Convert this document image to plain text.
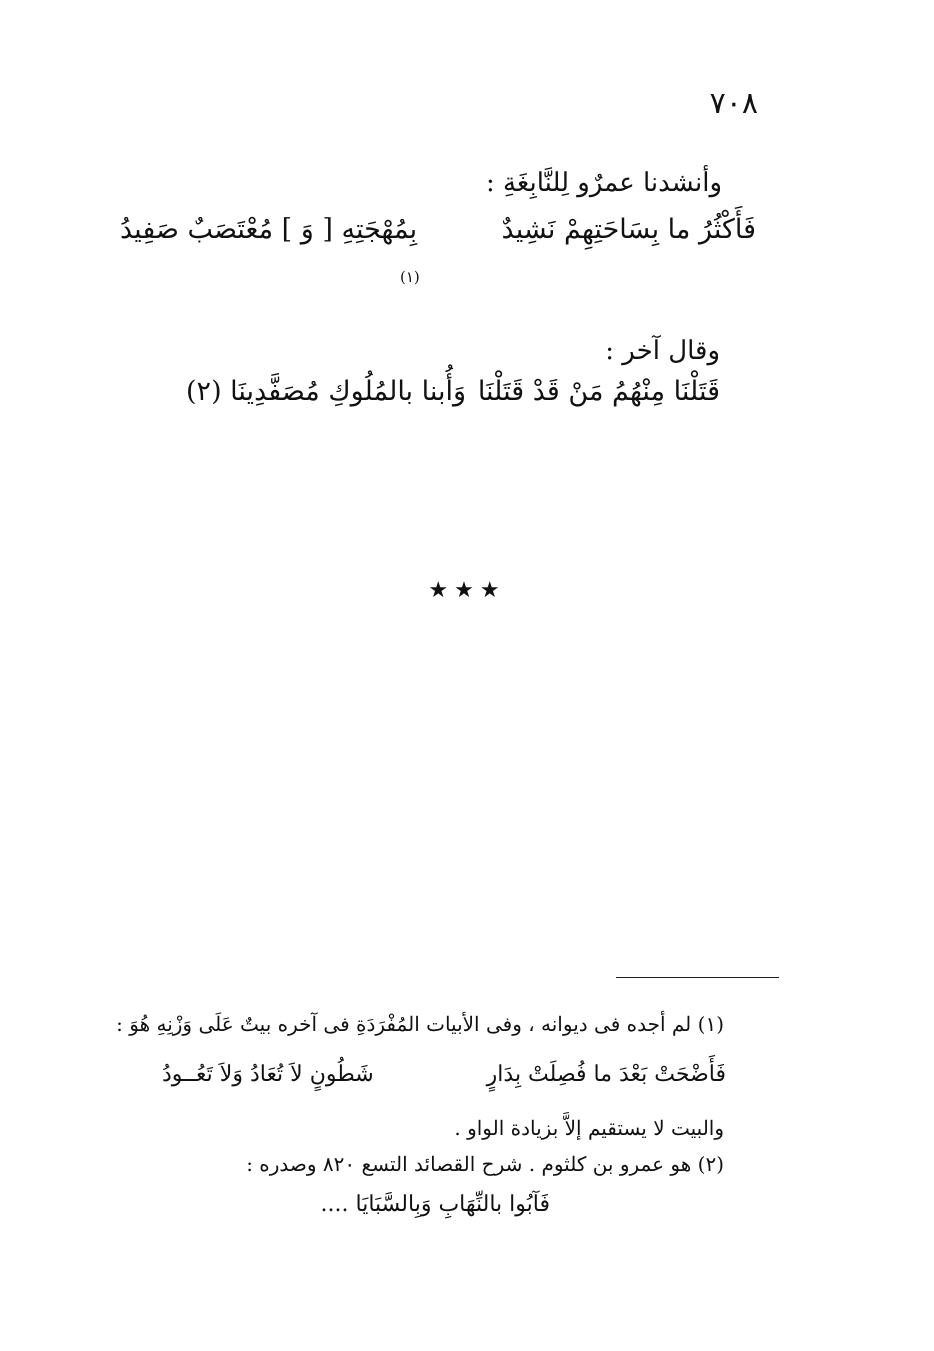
٧٠٨
وأنشدنا عمرٌو لِلنَّابِغَةِ :
فَأَكْثُرُ ما بِسَاحَتِهِمْ نَشِيدٌ
بِمُهْجَتِهِ [ وَ ] مُعْتَصَبٌ صَفِيدُ
(١)
وقال آخر :
قَتَلْنَا مِنْهُمُ مَنْ قَدْ قَتَلْنَا
وَأُبنا بالمُلُوكِ مُصَفَّدِينَا (٢)
★★★
(١) لم أجده فى ديوانه ، وفى الأبيات المُفْرَدَةِ فى آخره بيتٌ عَلَى وَزْنِهِ هُوَ :
فَأَضْحَتْ بَعْدَ ما فُصِلَتْ بِدَارٍ
شَطُونٍ لاَ تُعَادُ وَلاَ تَعُــودُ
والبيت لا يستقيم إلاَّ بزيادة الواو .
(٢) هو عمرو بن كلثوم . شرح القصائد التسع ٨٢٠ وصدره :
فَآبُوا بالنِّهَابِ وَبِالسَّبَايَا ....
